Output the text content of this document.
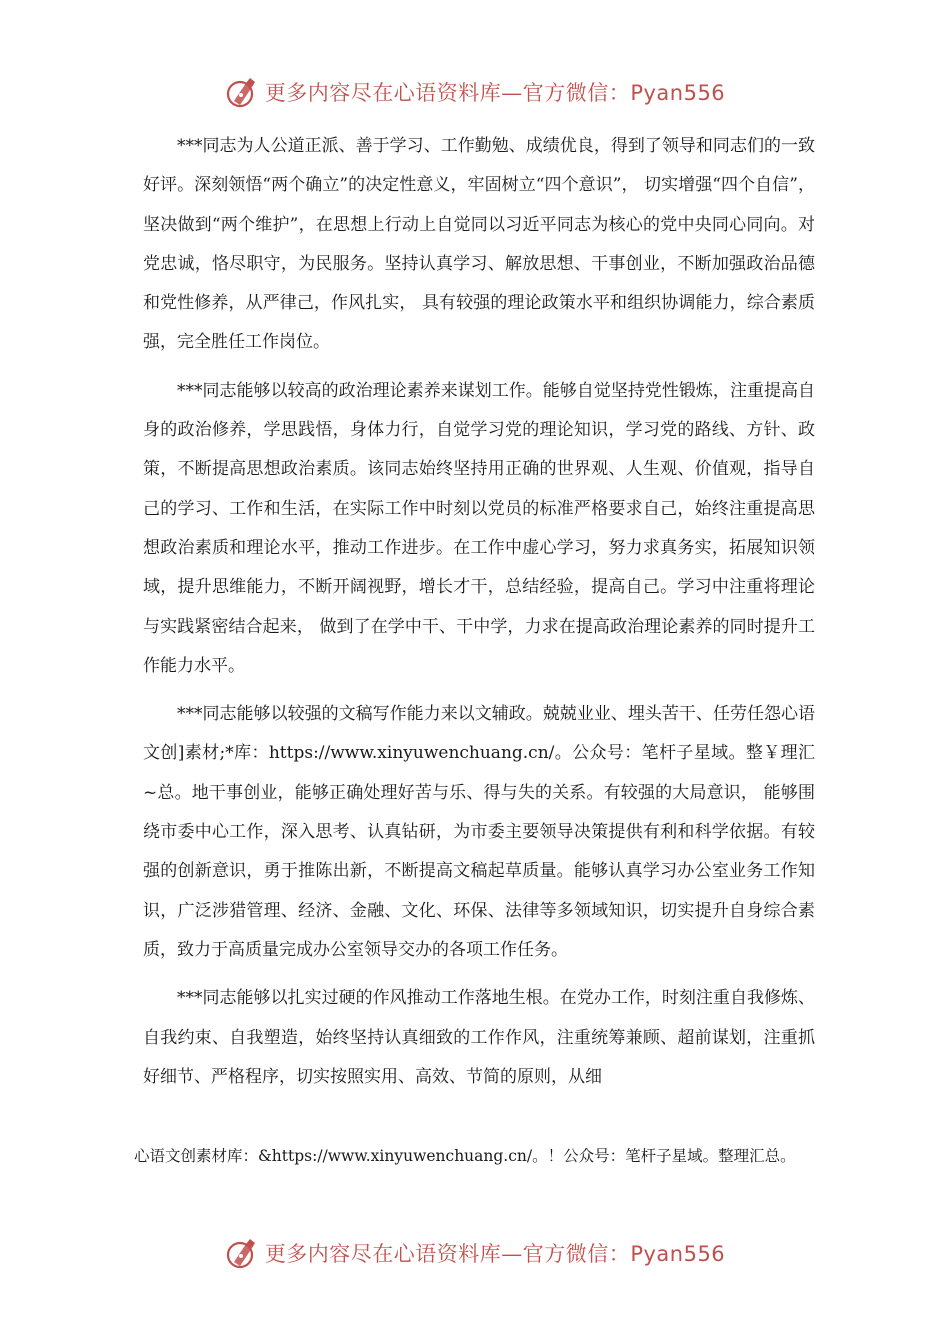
更多内容尽在心语资料库—官方微信：Pyan556

***同志为人公道正派、善于学习、工作勤勉、成绩优良，得到了领导和同志们的一致好评。深刻领悟“两个确立”的决定性意义，牢固树立“四个意识”， 切实增强“四个自信”，坚决做到“两个维护”，在思想上行动上自觉同以习近平同志为核心的党中央同心同向。对党忠诚，恪尽职守，为民服务。坚持认真学习、解放思想、干事创业，不断加强政治品德和党性修养，从严律己，作风扎实， 具有较强的理论政策水平和组织协调能力，综合素质强，完全胜任工作岗位。

***同志能够以较高的政治理论素养来谋划工作。能够自觉坚持党性锻炼，注重提高自身的政治修养，学思践悟，身体力行，自觉学习党的理论知识，学习党的路线、方针、政策，不断提高思想政治素质。该同志始终坚持用正确的世界观、人生观、价值观，指导自己的学习、工作和生活，在实际工作中时刻以党员的标准严格要求自己，始终注重提高思想政治素质和理论水平，推动工作进步。在工作中虚心学习，努力求真务实，拓展知识领域，提升思维能力，不断开阔视野，增长才干，总结经验，提高自己。学习中注重将理论与实践紧密结合起来， 做到了在学中干、干中学，力求在提高政治理论素养的同时提升工作能力水平。

***同志能够以较强的文稿写作能力来以文辅政。兢兢业业、埋头苦干、任劳任怨心语文创]素材;*库：https://www.xinyuwenchuang.cn/。公众号：笔杆子星域。整￥理汇~总。地干事创业，能够正确处理好苦与乐、得与失的关系。有较强的大局意识， 能够围绕市委中心工作，深入思考、认真钻研，为市委主要领导决策提供有利和科学依据。有较强的创新意识，勇于推陈出新，不断提高文稿起草质量。能够认真学习办公室业务工作知识，广泛涉猎管理、经济、金融、文化、环保、法律等多领域知识，切实提升自身综合素质，致力于高质量完成办公室领导交办的各项工作任务。

***同志能够以扎实过硬的作风推动工作落地生根。在党办工作，时刻注重自我修炼、自我约束、自我塑造，始终坚持认真细致的工作作风，注重统筹兼顾、超前谋划，注重抓好细节、严格程序，切实按照实用、高效、节简的原则，从细

心语文创素材库：&https://www.xinyuwenchuang.cn/。！公众号：笔杆子星域。整理汇总。
更多内容尽在心语资料库—官方微信：Pyan556
